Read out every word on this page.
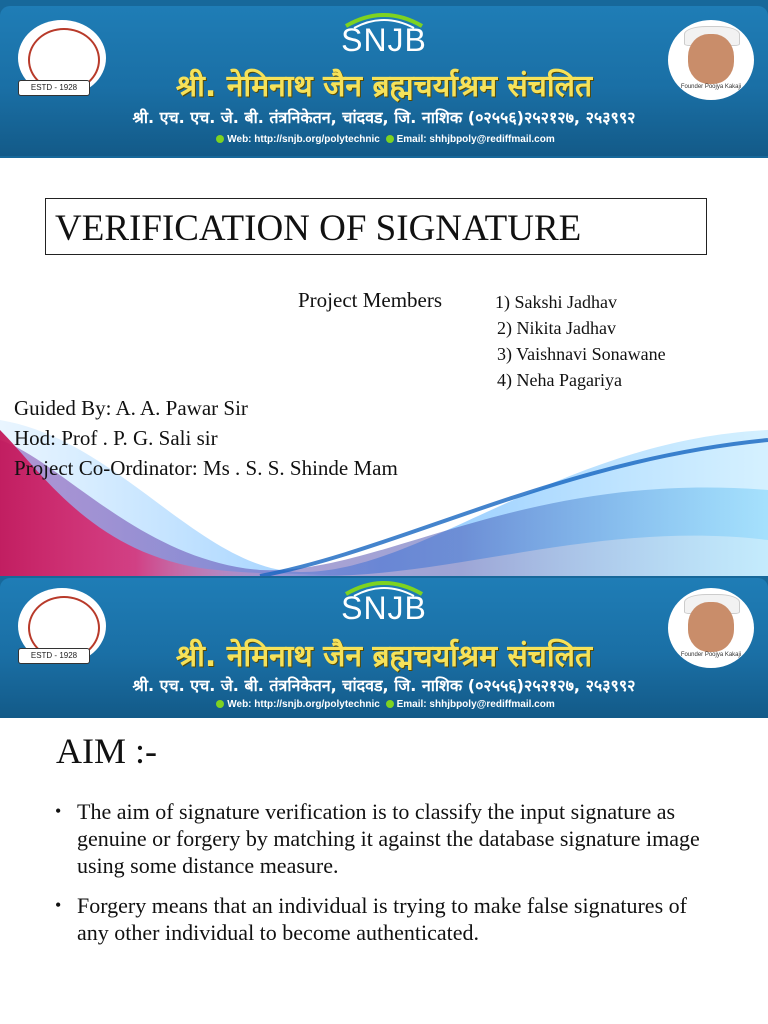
SNJB
ESTD - 1928	श्री. नेमिनाथ जैन ब्रह्मचर्याश्रम संचलित
श्री. एच. एच. जे. बी. तंत्रनिकेतन, चांदवड, जि. नाशिक (०२५५६)२५२१२७, २५३९९२
Web: http://snjb.org/polytechnic Email: shhjbpoly@rediffmail.com
Founder Poojya Kakaji
VERIFICATION OF SIGNATURE
Project Members	1) Sakshi Jadhav
2) Nikita Jadhav
3) Vaishnavi Sonawane
4) Neha Pagariya
Guided By: A. A. Pawar Sir
Hod: Prof . P. G. Sali sir
Project Co-Ordinator: Ms . S. S. Shinde Mam
SNJB
ESTD - 1928	श्री. नेमिनाथ जैन ब्रह्मचर्याश्रम संचलित
श्री. एच. एच. जे. बी. तंत्रनिकेतन, चांदवड, जि. नाशिक (०२५५६)२५२१२७, २५३९९२
Web: http://snjb.org/polytechnic Email: shhjbpoly@rediffmail.com
Founder Poojya Kakaji
AIM :-
• The aim of signature verification is to classify the input signature as genuine or forgery by matching it against the database signature image using some distance measure.
• Forgery means that an individual is trying to make false signatures of any other individual to become authenticated.
